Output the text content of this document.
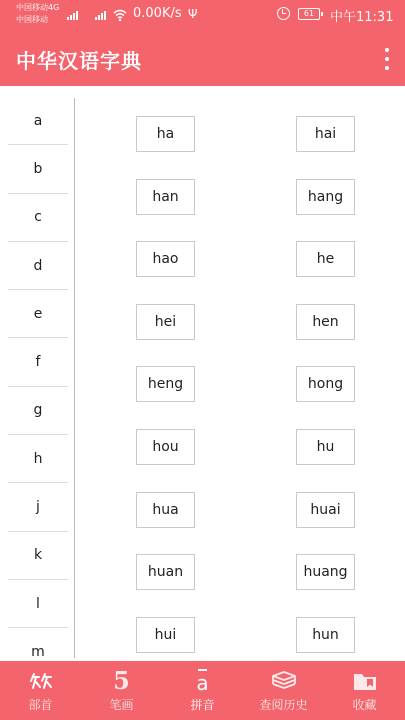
中国移动4G
中国移动	0.00K/s Ψ	61	中午11:31
中华汉语字典
a
b
c
d
e
f
g
h
j
k
l
m
ha	hai
han	hang
hao	he
hei	hen
heng	hong
hou	hu
hua	huai
huan	huang
hui	hun
部首
5
笔画
a
拼音	查阅历史	收藏
